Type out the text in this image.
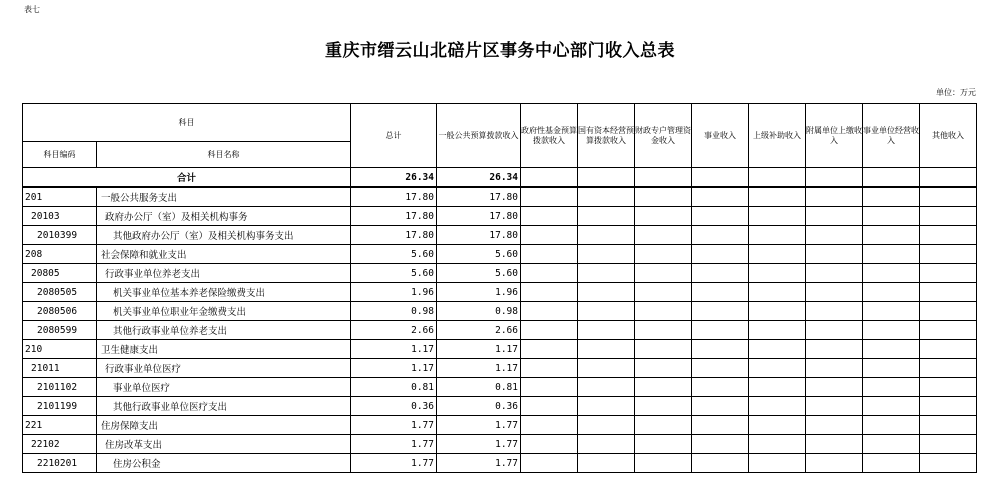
表七
重庆市缙云山北碚片区事务中心部门收入总表
单位：万元
科目		总计	一般公共预算拨款收入	政府性基金预算拨款收入	国有资本经营预算拨款收入	财政专户管理资金收入	事业收入	上级补助收入	附属单位上缴收入	事业单位经营收入	其他收入
科目编码	科目名称										
合计		26.34	26.34								
201	一般公共服务支出	17.80	17.80								
20103	政府办公厅（室）及相关机构事务	17.80	17.80								
2010399	其他政府办公厅（室）及相关机构事务支出	17.80	17.80								
208	社会保障和就业支出	5.60	5.60								
20805	行政事业单位养老支出	5.60	5.60								
2080505	机关事业单位基本养老保险缴费支出	1.96	1.96								
2080506	机关事业单位职业年金缴费支出	0.98	0.98								
2080599	其他行政事业单位养老支出	2.66	2.66								
210	卫生健康支出	1.17	1.17								
21011	行政事业单位医疗	1.17	1.17								
2101102	事业单位医疗	0.81	0.81								
2101199	其他行政事业单位医疗支出	0.36	0.36								
221	住房保障支出	1.77	1.77								
22102	住房改革支出	1.77	1.77								
2210201	住房公积金	1.77	1.77								
